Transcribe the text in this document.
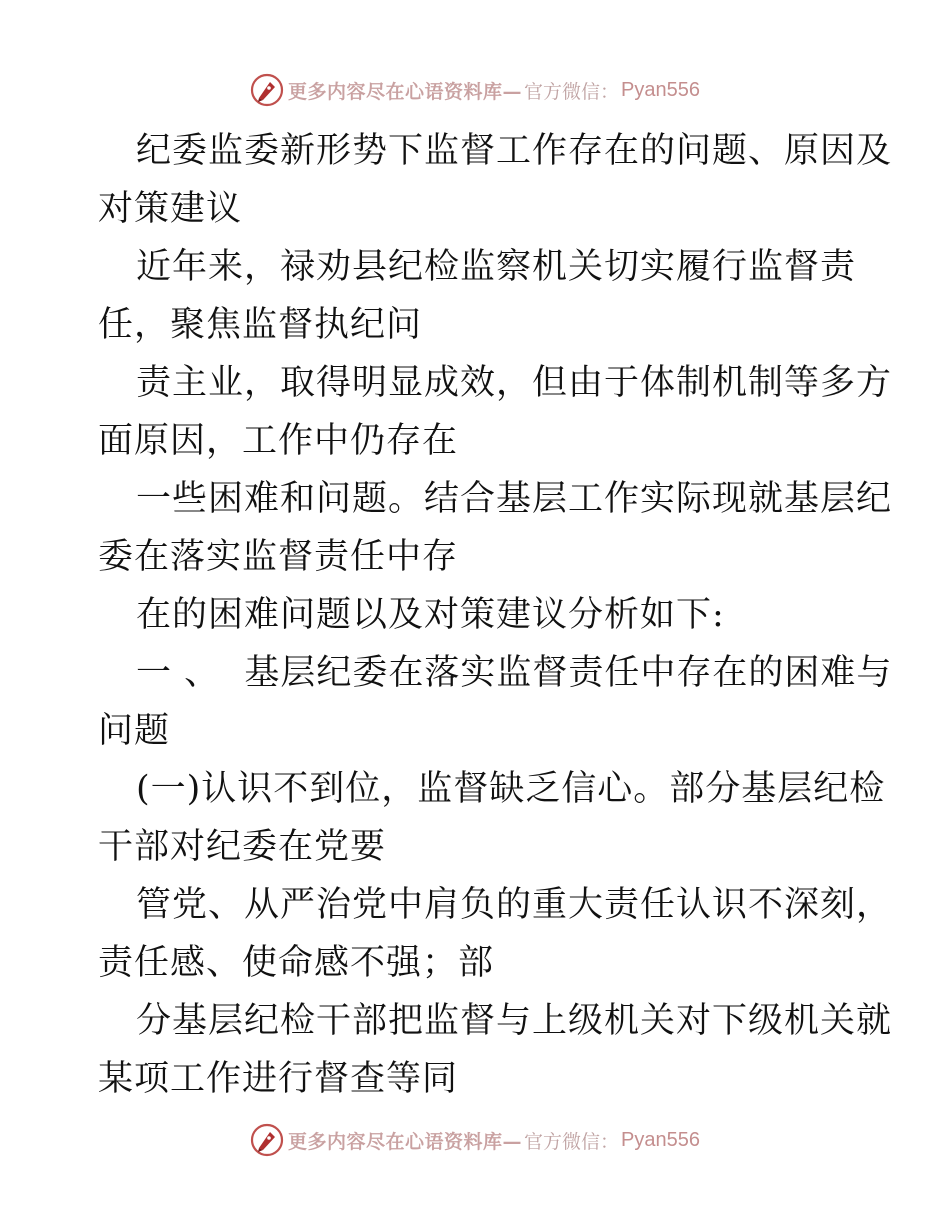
更多内容尽在心语资料库— 官方微信： Pyan556
纪委监委新形势下监督工作存在的问题、原因及
对策建议
近年来，禄劝县纪检监察机关切实履行监督责
任，聚焦监督执纪问
责主业，取得明显成效，但由于体制机制等多方
面原因，工作中仍存在
一些困难和问题。结合基层工作实际现就基层纪
委在落实监督责任中存
在的困难问题以及对策建议分析如下:
一 、  基层纪委在落实监督责任中存在的困难与
问题
(一)认识不到位，监督缺乏信心。部分基层纪检
干部对纪委在党要
管党、从严治党中肩负的重大责任认识不深刻，
责任感、使命感不强；部
分基层纪检干部把监督与上级机关对下级机关就
某项工作进行督查等同
更多内容尽在心语资料库— 官方微信： Pyan556
